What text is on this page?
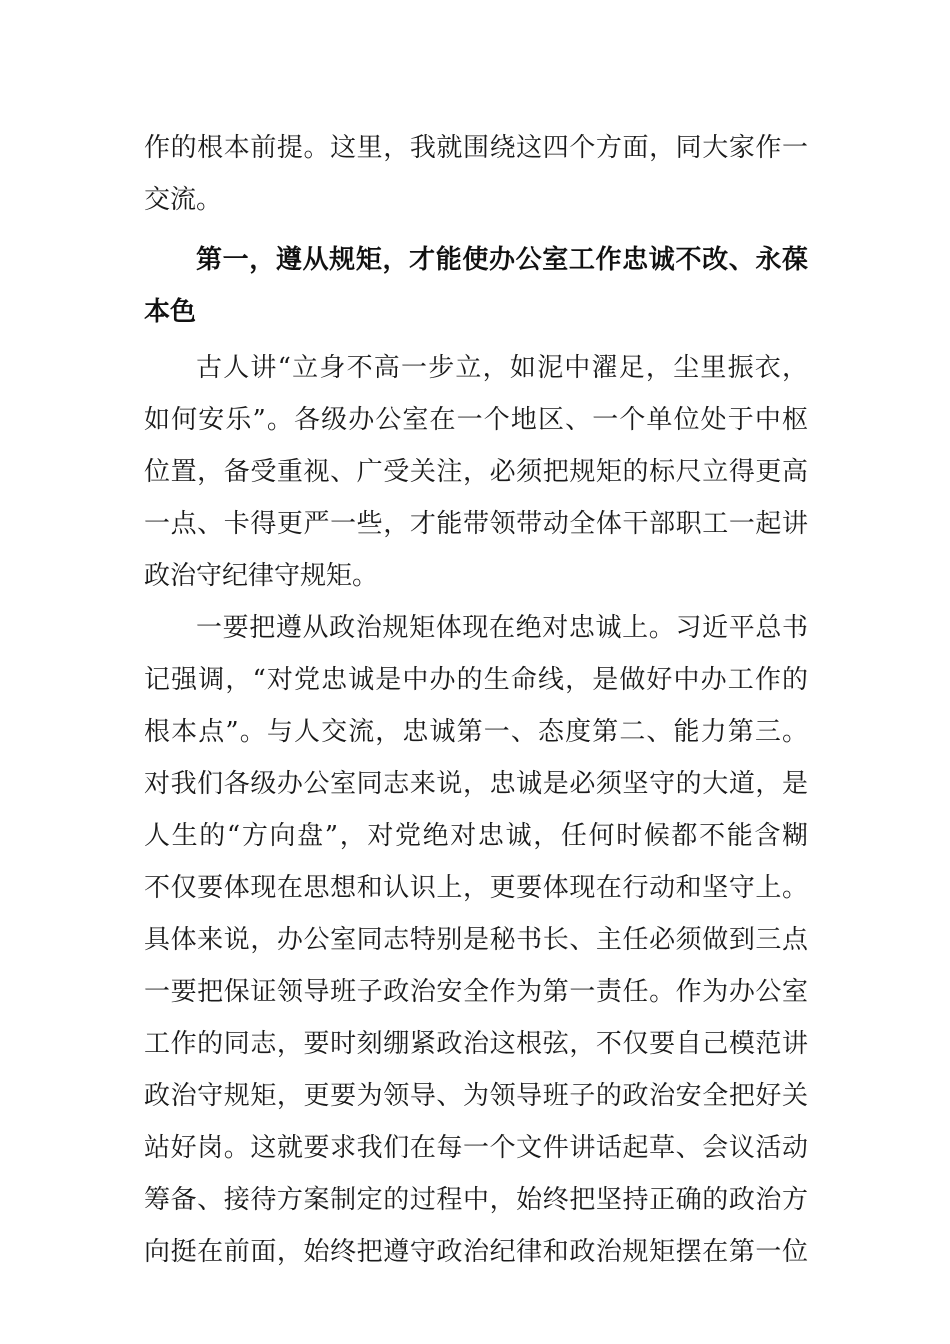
作的根本前提。这里，我就围绕这四个方面，同大家作一
交流。
第一，遵从规矩，才能使办公室工作忠诚不改、永葆
本色
古人讲“立身不高一步立，如泥中濯足，尘里振衣，
如何安乐”。各级办公室在一个地区、一个单位处于中枢
位置，备受重视、广受关注，必须把规矩的标尺立得更高
一点、卡得更严一些，才能带领带动全体干部职工一起讲
政治守纪律守规矩。
一要把遵从政治规矩体现在绝对忠诚上。习近平总书
记强调，“对党忠诚是中办的生命线，是做好中办工作的
根本点”。与人交流，忠诚第一、态度第二、能力第三。
对我们各级办公室同志来说，忠诚是必须坚守的大道，是
人生的“方向盘”，对党绝对忠诚，任何时候都不能含糊
不仅要体现在思想和认识上，更要体现在行动和坚守上。
具体来说，办公室同志特别是秘书长、主任必须做到三点
一要把保证领导班子政治安全作为第一责任。作为办公室
工作的同志，要时刻绷紧政治这根弦，不仅要自己模范讲
政治守规矩，更要为领导、为领导班子的政治安全把好关
站好岗。这就要求我们在每一个文件讲话起草、会议活动
筹备、接待方案制定的过程中，始终把坚持正确的政治方
向挺在前面，始终把遵守政治纪律和政治规矩摆在第一位
